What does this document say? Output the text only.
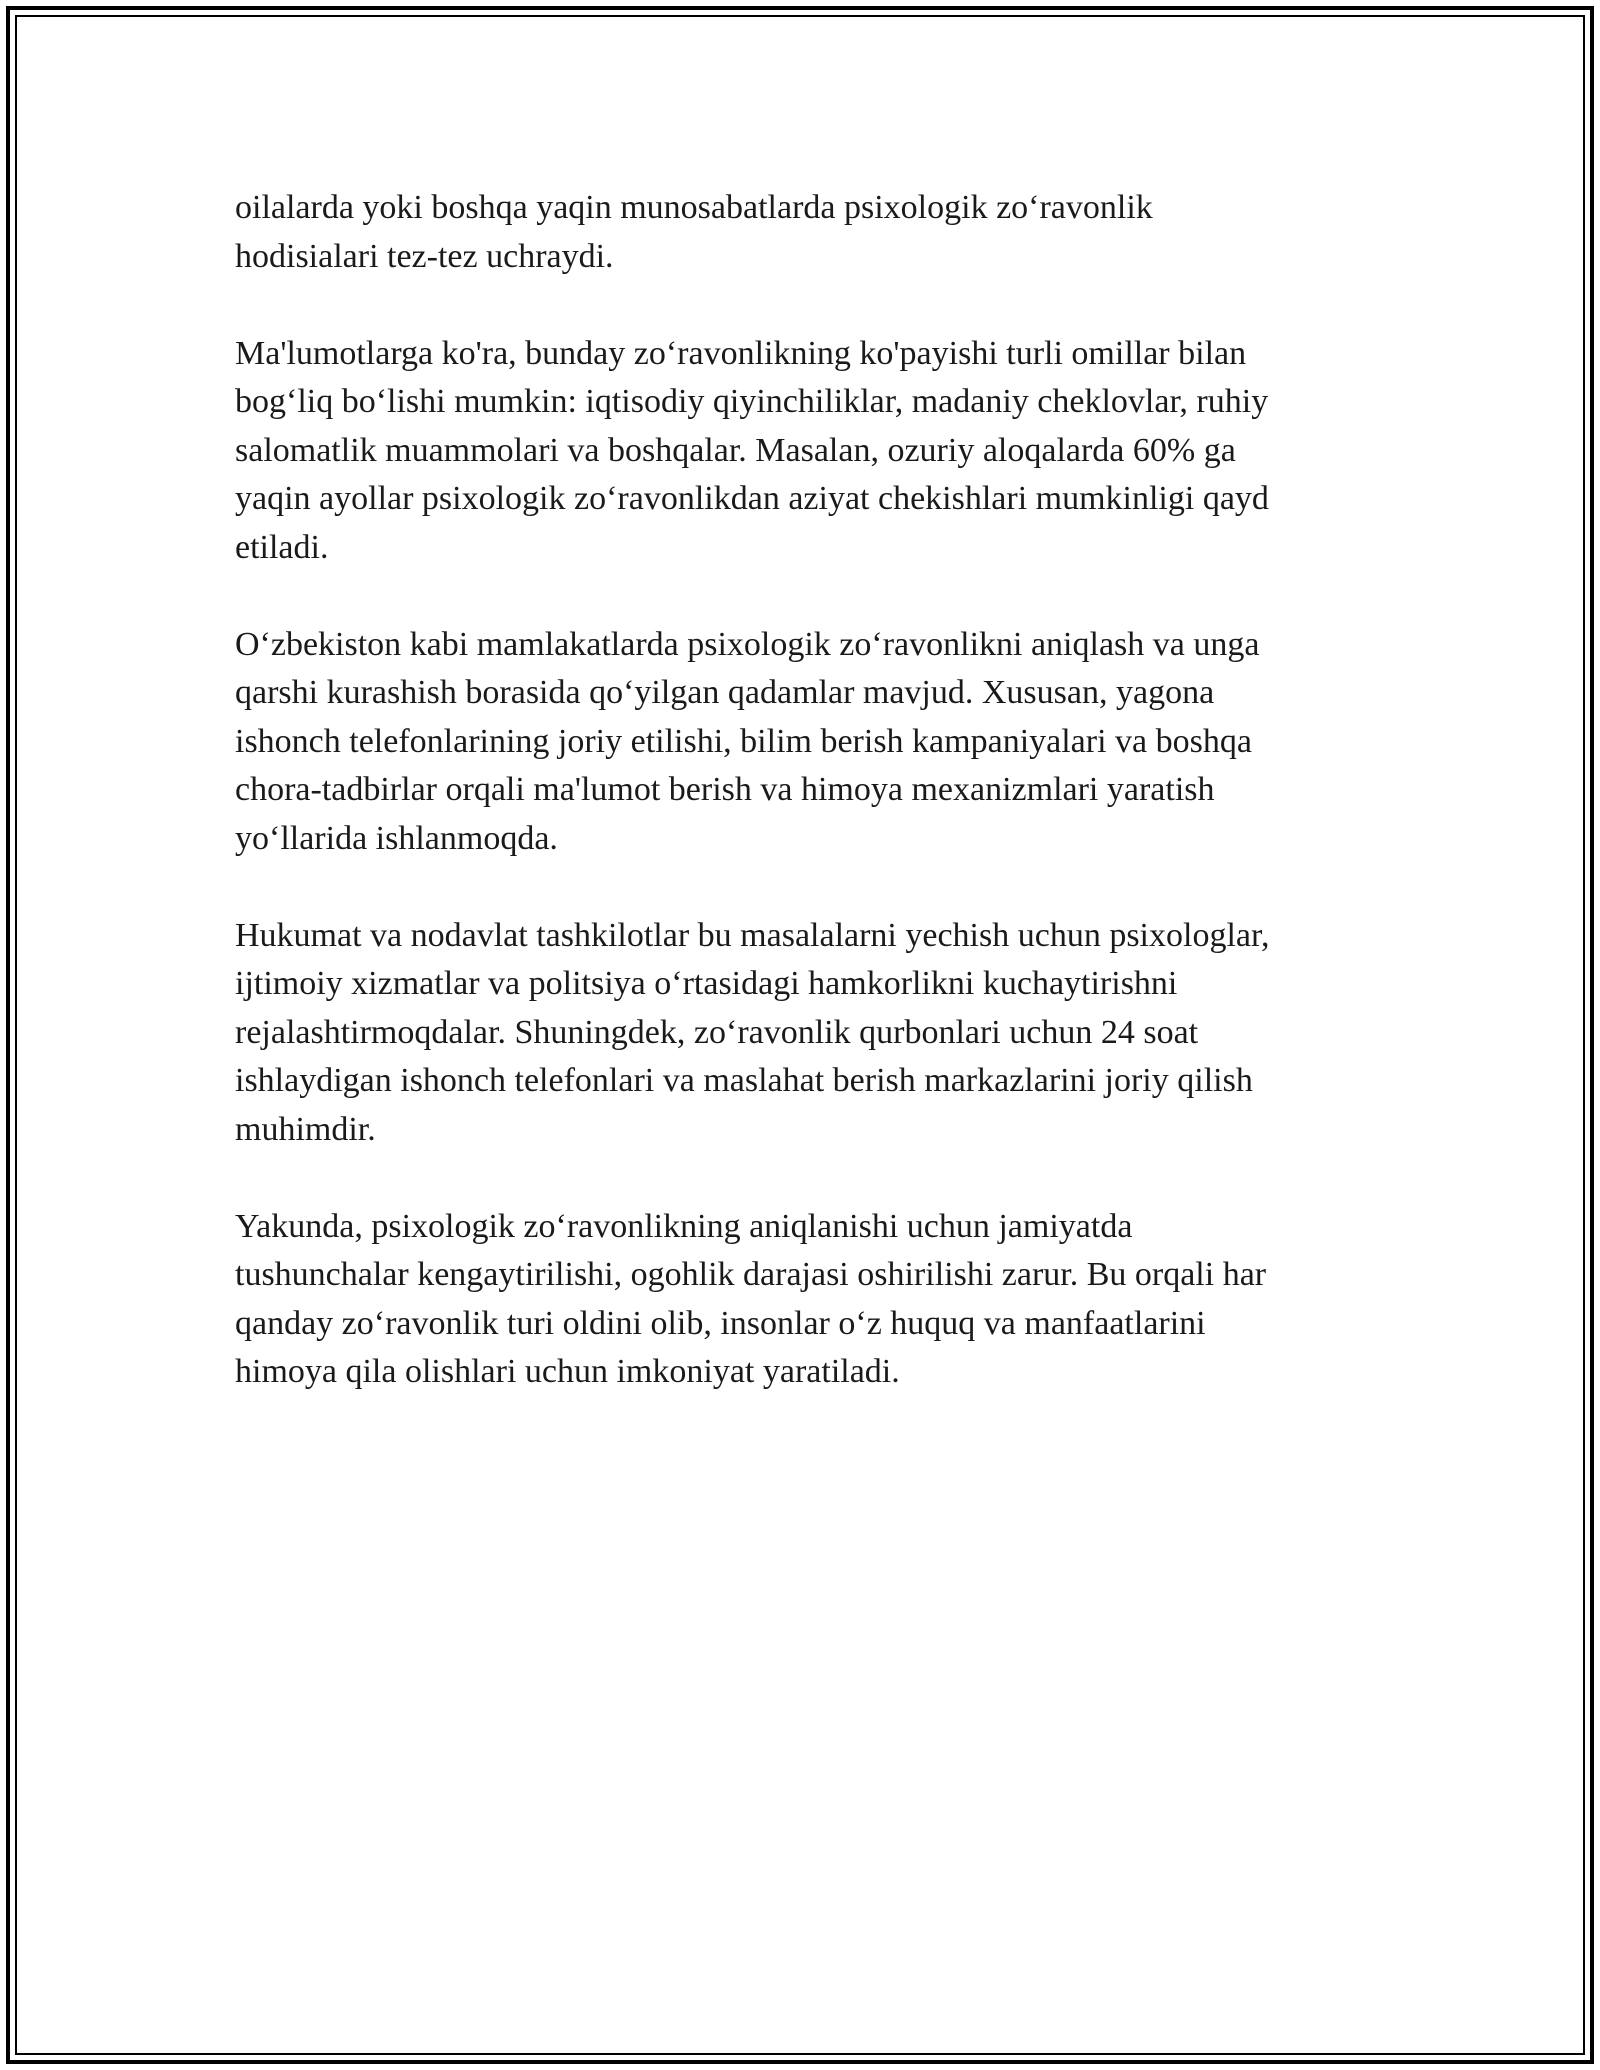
oilalarda yoki boshqa yaqin munosabatlarda psixologik zo‘ravonlik
hodisialari tez-tez uchraydi.

Ma'lumotlarga ko'ra, bunday zo‘ravonlikning ko'payishi turli omillar bilan
bog‘liq bo‘lishi mumkin: iqtisodiy qiyinchiliklar, madaniy cheklovlar, ruhiy
salomatlik muammolari va boshqalar. Masalan, ozuriy aloqalarda 60% ga
yaqin ayollar psixologik zo‘ravonlikdan aziyat chekishlari mumkinligi qayd
etiladi.

O‘zbekiston kabi mamlakatlarda psixologik zo‘ravonlikni aniqlash va unga
qarshi kurashish borasida qo‘yilgan qadamlar mavjud. Xususan, yagona
ishonch telefonlarining joriy etilishi, bilim berish kampaniyalari va boshqa
chora-tadbirlar orqali ma'lumot berish va himoya mexanizmlari yaratish
yo‘llarida ishlanmoqda.

Hukumat va nodavlat tashkilotlar bu masalalarni yechish uchun psixologlar,
ijtimoiy xizmatlar va politsiya o‘rtasidagi hamkorlikni kuchaytirishni
rejalashtirmoqdalar. Shuningdek, zo‘ravonlik qurbonlari uchun 24 soat
ishlaydigan ishonch telefonlari va maslahat berish markazlarini joriy qilish
muhimdir.

Yakunda, psixologik zo‘ravonlikning aniqlanishi uchun jamiyatda
tushunchalar kengaytirilishi, ogohlik darajasi oshirilishi zarur. Bu orqali har
qanday zo‘ravonlik turi oldini olib, insonlar o‘z huquq va manfaatlarini
himoya qila olishlari uchun imkoniyat yaratiladi.
